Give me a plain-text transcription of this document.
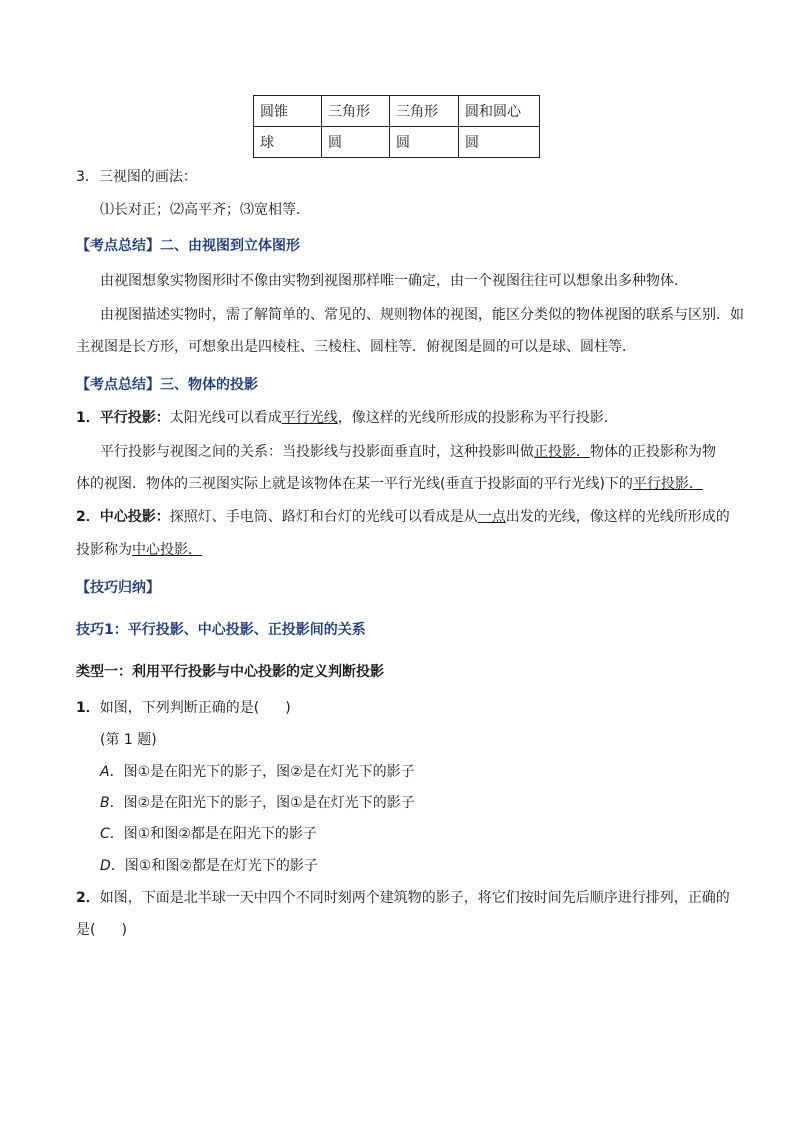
圆锥	三角形	三角形	圆和圆心
球	圆	圆	圆
3．三视图的画法：
⑴长对正；⑵高平齐；⑶宽相等．
【考点总结】二、由视图到立体图形
由视图想象实物图形时不像由实物到视图那样唯一确定，由一个视图往往可以想象出多种物体．
由视图描述实物时，需了解简单的、常见的、规则物体的视图，能区分类似的物体视图的联系与区别．如
主视图是长方形，可想象出是四棱柱、三棱柱、圆柱等．俯视图是圆的可以是球、圆柱等．
【考点总结】三、物体的投影
1．平行投影：太阳光线可以看成平行光线，像这样的光线所形成的投影称为平行投影．
平行投影与视图之间的关系：当投影线与投影面垂直时，这种投影叫做正投影．物体的正投影称为物
体的视图．物体的三视图实际上就是该物体在某一平行光线(垂直于投影面的平行光线)下的平行投影．
2．中心投影：探照灯、手电筒、路灯和台灯的光线可以看成是从一点出发的光线，像这样的光线所形成的
投影称为中心投影．
【技巧归纳】
技巧1：平行投影、中心投影、正投影间的关系
类型一：利用平行投影与中心投影的定义判断投影
1．如图，下列判断正确的是( )
(第 1 题)
A．图①是在阳光下的影子，图②是在灯光下的影子
B．图②是在阳光下的影子，图①是在灯光下的影子
C．图①和图②都是在阳光下的影子
D．图①和图②都是在灯光下的影子
2．如图，下面是北半球一天中四个不同时刻两个建筑物的影子，将它们按时间先后顺序进行排列，正确的
是( )
